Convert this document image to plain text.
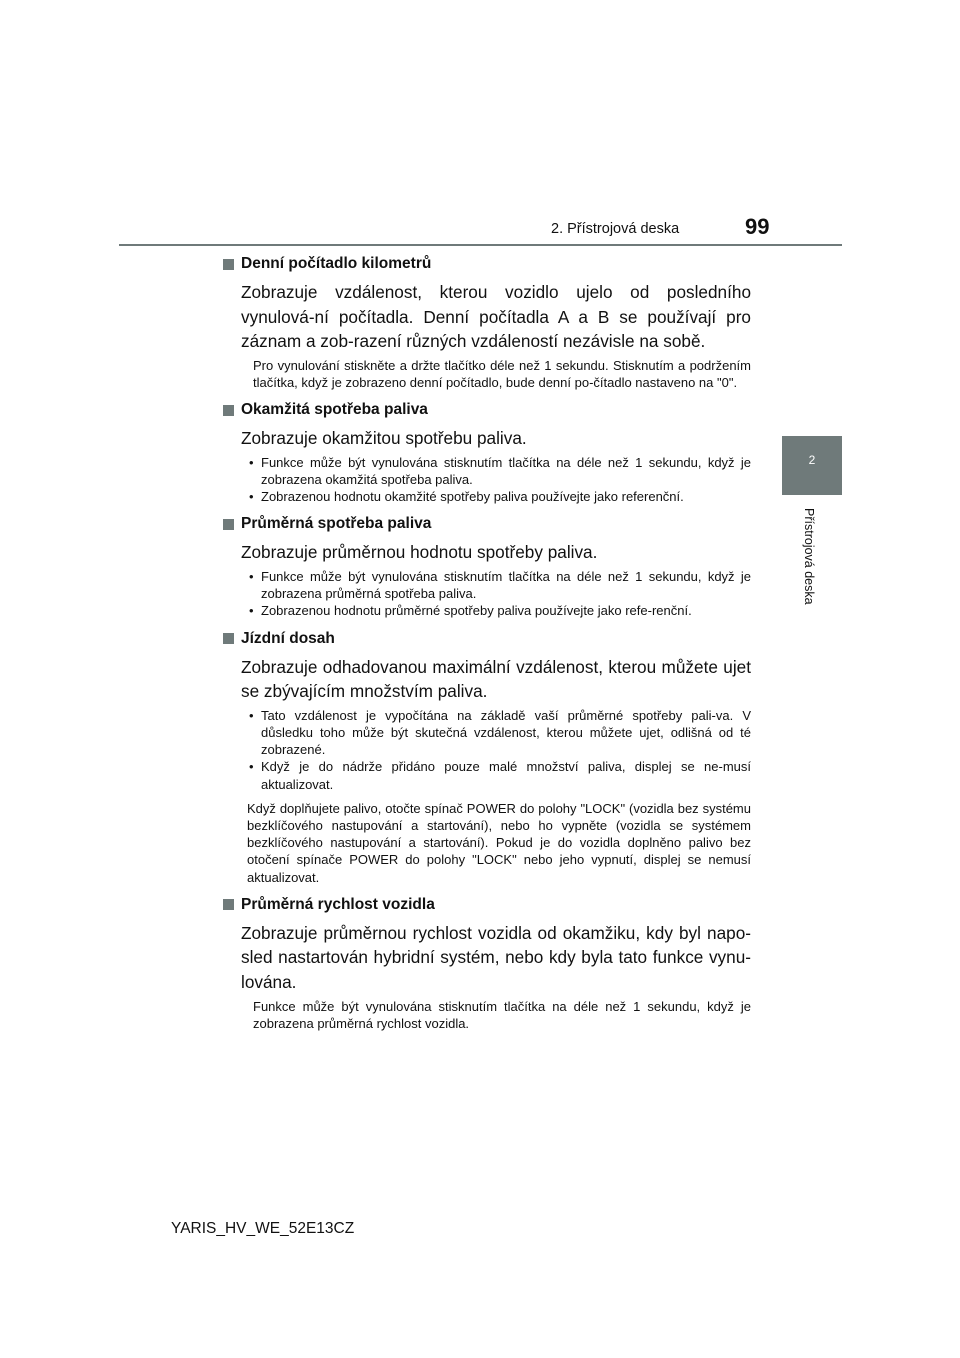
2. Přístrojová deska	99
2
Přístrojová deska
Denní počítadlo kilometrů

Zobrazuje vzdálenost, kterou vozidlo ujelo od posledního vynulová-ní počítadla. Denní počítadla A a B se používají pro záznam a zob-razení různých vzdáleností nezávisle na sobě.

Pro vynulování stiskněte a držte tlačítko déle než 1 sekundu. Stisknutím a podržením tlačítka, když je zobrazeno denní počítadlo, bude denní po-čítadlo nastaveno na "0".

Okamžitá spotřeba paliva

Zobrazuje okamžitou spotřebu paliva.

• Funkce může být vynulována stisknutím tlačítka na déle než 1 sekundu, když je zobrazena okamžitá spotřeba paliva.
• Zobrazenou hodnotu okamžité spotřeby paliva používejte jako referenční.
Průměrná spotřeba paliva

Zobrazuje průměrnou hodnotu spotřeby paliva.

• Funkce může být vynulována stisknutím tlačítka na déle než 1 sekundu, když je zobrazena průměrná spotřeba paliva.
• Zobrazenou hodnotu průměrné spotřeby paliva používejte jako refe-renční.
Jízdní dosah

Zobrazuje odhadovanou maximální vzdálenost, kterou můžete ujet se zbývajícím množstvím paliva.

• Tato vzdálenost je vypočítána na základě vaší průměrné spotřeby pali-va. V důsledku toho může být skutečná vzdálenost, kterou můžete ujet, odlišná od té zobrazené.
• Když je do nádrže přidáno pouze malé množství paliva, displej se ne-musí aktualizovat.

Když doplňujete palivo, otočte spínač POWER do polohy "LOCK" (vozidla bez systému bezklíčového nastupování a startování), nebo ho vypněte (vozidla se systémem bezklíčového nastupování a startování). Pokud je do vozidla doplněno palivo bez otočení spínače POWER do polohy "LOCK" nebo jeho vypnutí, displej se nemusí aktualizovat.

Průměrná rychlost vozidla

Zobrazuje průměrnou rychlost vozidla od okamžiku, kdy byl napo-sled nastartován hybridní systém, nebo kdy byla tato funkce vynu-lována.

Funkce může být vynulována stisknutím tlačítka na déle než 1 sekundu, když je zobrazena průměrná rychlost vozidla.

YARIS_HV_WE_52E13CZ
